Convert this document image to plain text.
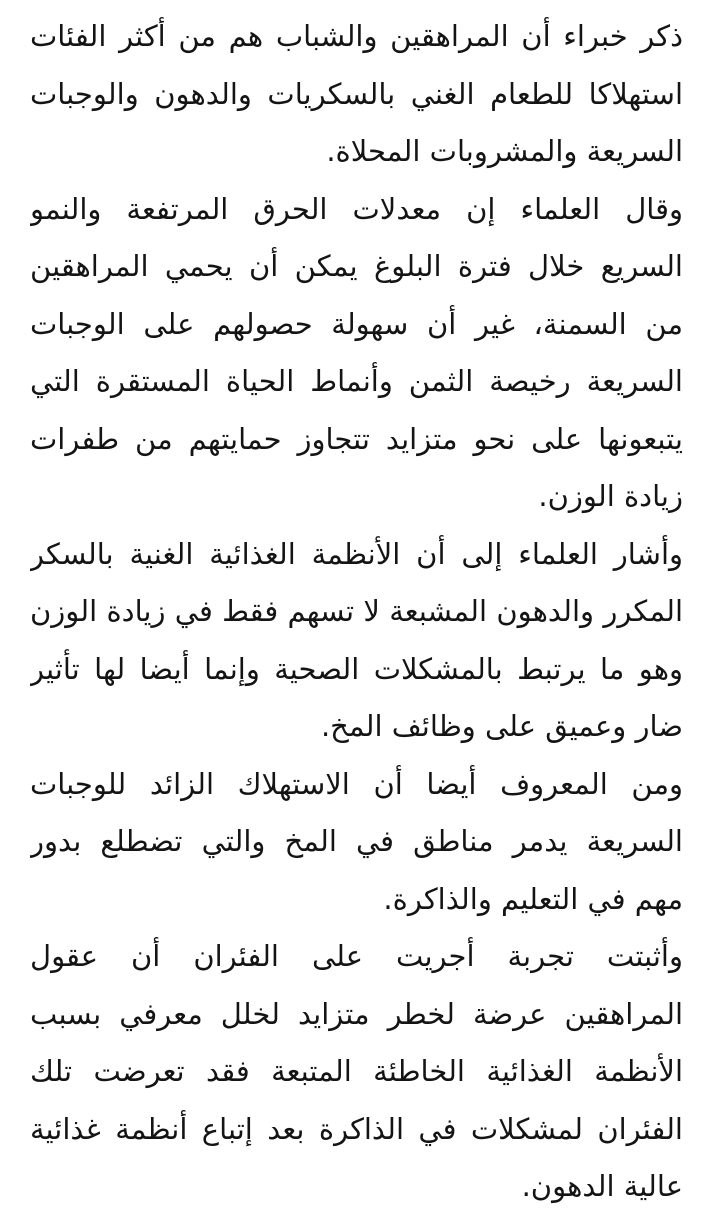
ذكر خبراء أن المراهقين والشباب هم من أكثر الفئات
استهلاكا للطعام الغني بالسكريات والدهون والوجبات
السريعة والمشروبات المحلاة.
وقال العلماء إن معدلات الحرق المرتفعة والنمو
السريع خلال فترة البلوغ يمكن أن يحمي المراهقين
من السمنة، غير أن سهولة حصولهم على الوجبات
السريعة رخيصة الثمن وأنماط الحياة المستقرة التي
يتبعونها على نحو متزايد تتجاوز حمايتهم من طفرات
زيادة الوزن.
وأشار العلماء إلى أن الأنظمة الغذائية الغنية بالسكر
المكرر والدهون المشبعة لا تسهم فقط في زيادة الوزن
وهو ما يرتبط بالمشكلات الصحية وإنما أيضا لها تأثير
ضار وعميق على وظائف المخ.
ومن المعروف أيضا أن الاستهلاك الزائد للوجبات
السريعة يدمر مناطق في المخ والتي تضطلع بدور
مهم في التعليم والذاكرة.
وأثبتت تجربة أجريت على الفئران أن عقول
المراهقين عرضة لخطر متزايد لخلل معرفي بسبب
الأنظمة الغذائية الخاطئة المتبعة فقد تعرضت تلك
الفئران لمشكلات في الذاكرة بعد إتباع أنظمة غذائية
عالية الدهون.
